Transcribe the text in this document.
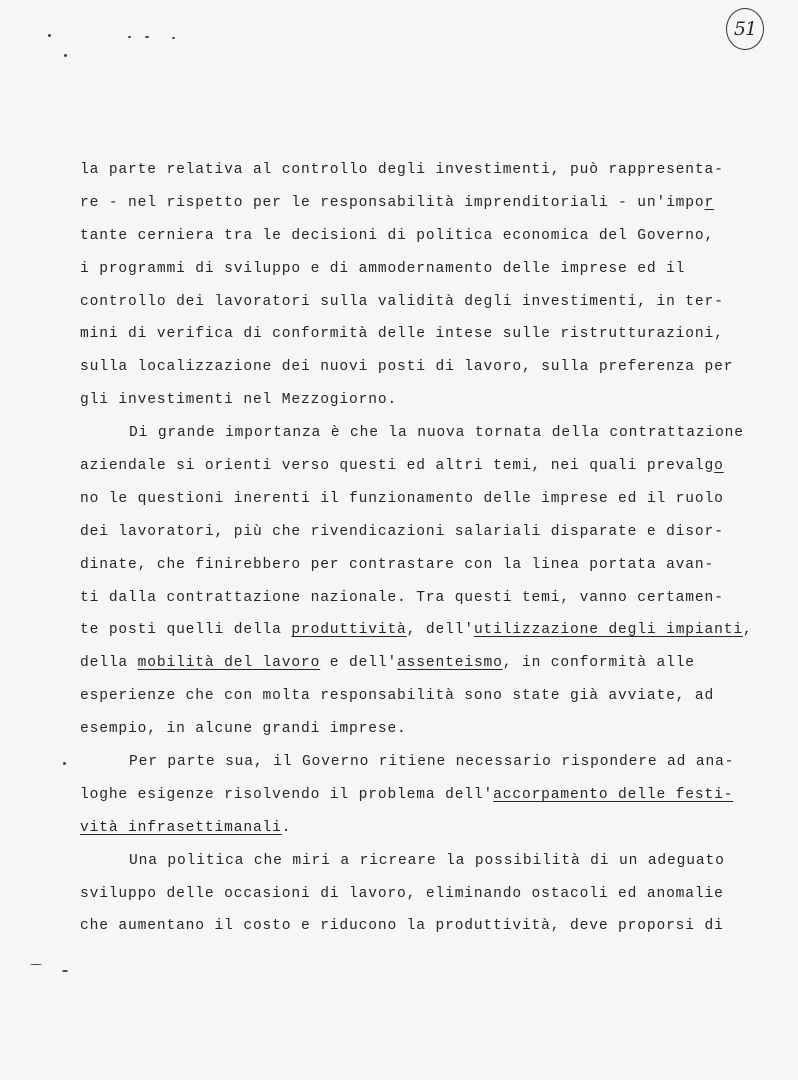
51
la parte relativa al controllo degli investimenti, può rappresenta-
re - nel rispetto per le responsabilità imprenditoriali - un'impor
tante cerniera tra le decisioni di politica economica del Governo,
i programmi di sviluppo e di ammodernamento delle imprese ed il
controllo dei lavoratori sulla validità degli investimenti, in ter-
mini di verifica di conformità delle intese sulle ristrutturazioni,
sulla localizzazione dei nuovi posti di lavoro, sulla preferenza per
gli investimenti nel Mezzogiorno.
Di grande importanza è che la nuova tornata della contrattazione
aziendale si orienti verso questi ed altri temi, nei quali prevalgo
no le questioni inerenti il funzionamento delle imprese ed il ruolo
dei lavoratori, più che rivendicazioni salariali disparate e disor-
dinate, che finirebbero per contrastare con la linea portata avan-
ti dalla contrattazione nazionale. Tra questi temi, vanno certamen-
te posti quelli della produttività, dell'utilizzazione degli impianti,
della mobilità del lavoro e dell'assenteismo, in conformità alle
esperienze che con molta responsabilità sono state già avviate, ad
esempio, in alcune grandi imprese.
Per parte sua, il Governo ritiene necessario rispondere ad ana-
loghe esigenze risolvendo il problema dell'accorpamento delle festi-
vità infrasettimanali.
Una politica che miri a ricreare la possibilità di un adeguato
sviluppo delle occasioni di lavoro, eliminando ostacoli ed anomalie
che aumentano il costo e riducono la produttività, deve proporsi di
